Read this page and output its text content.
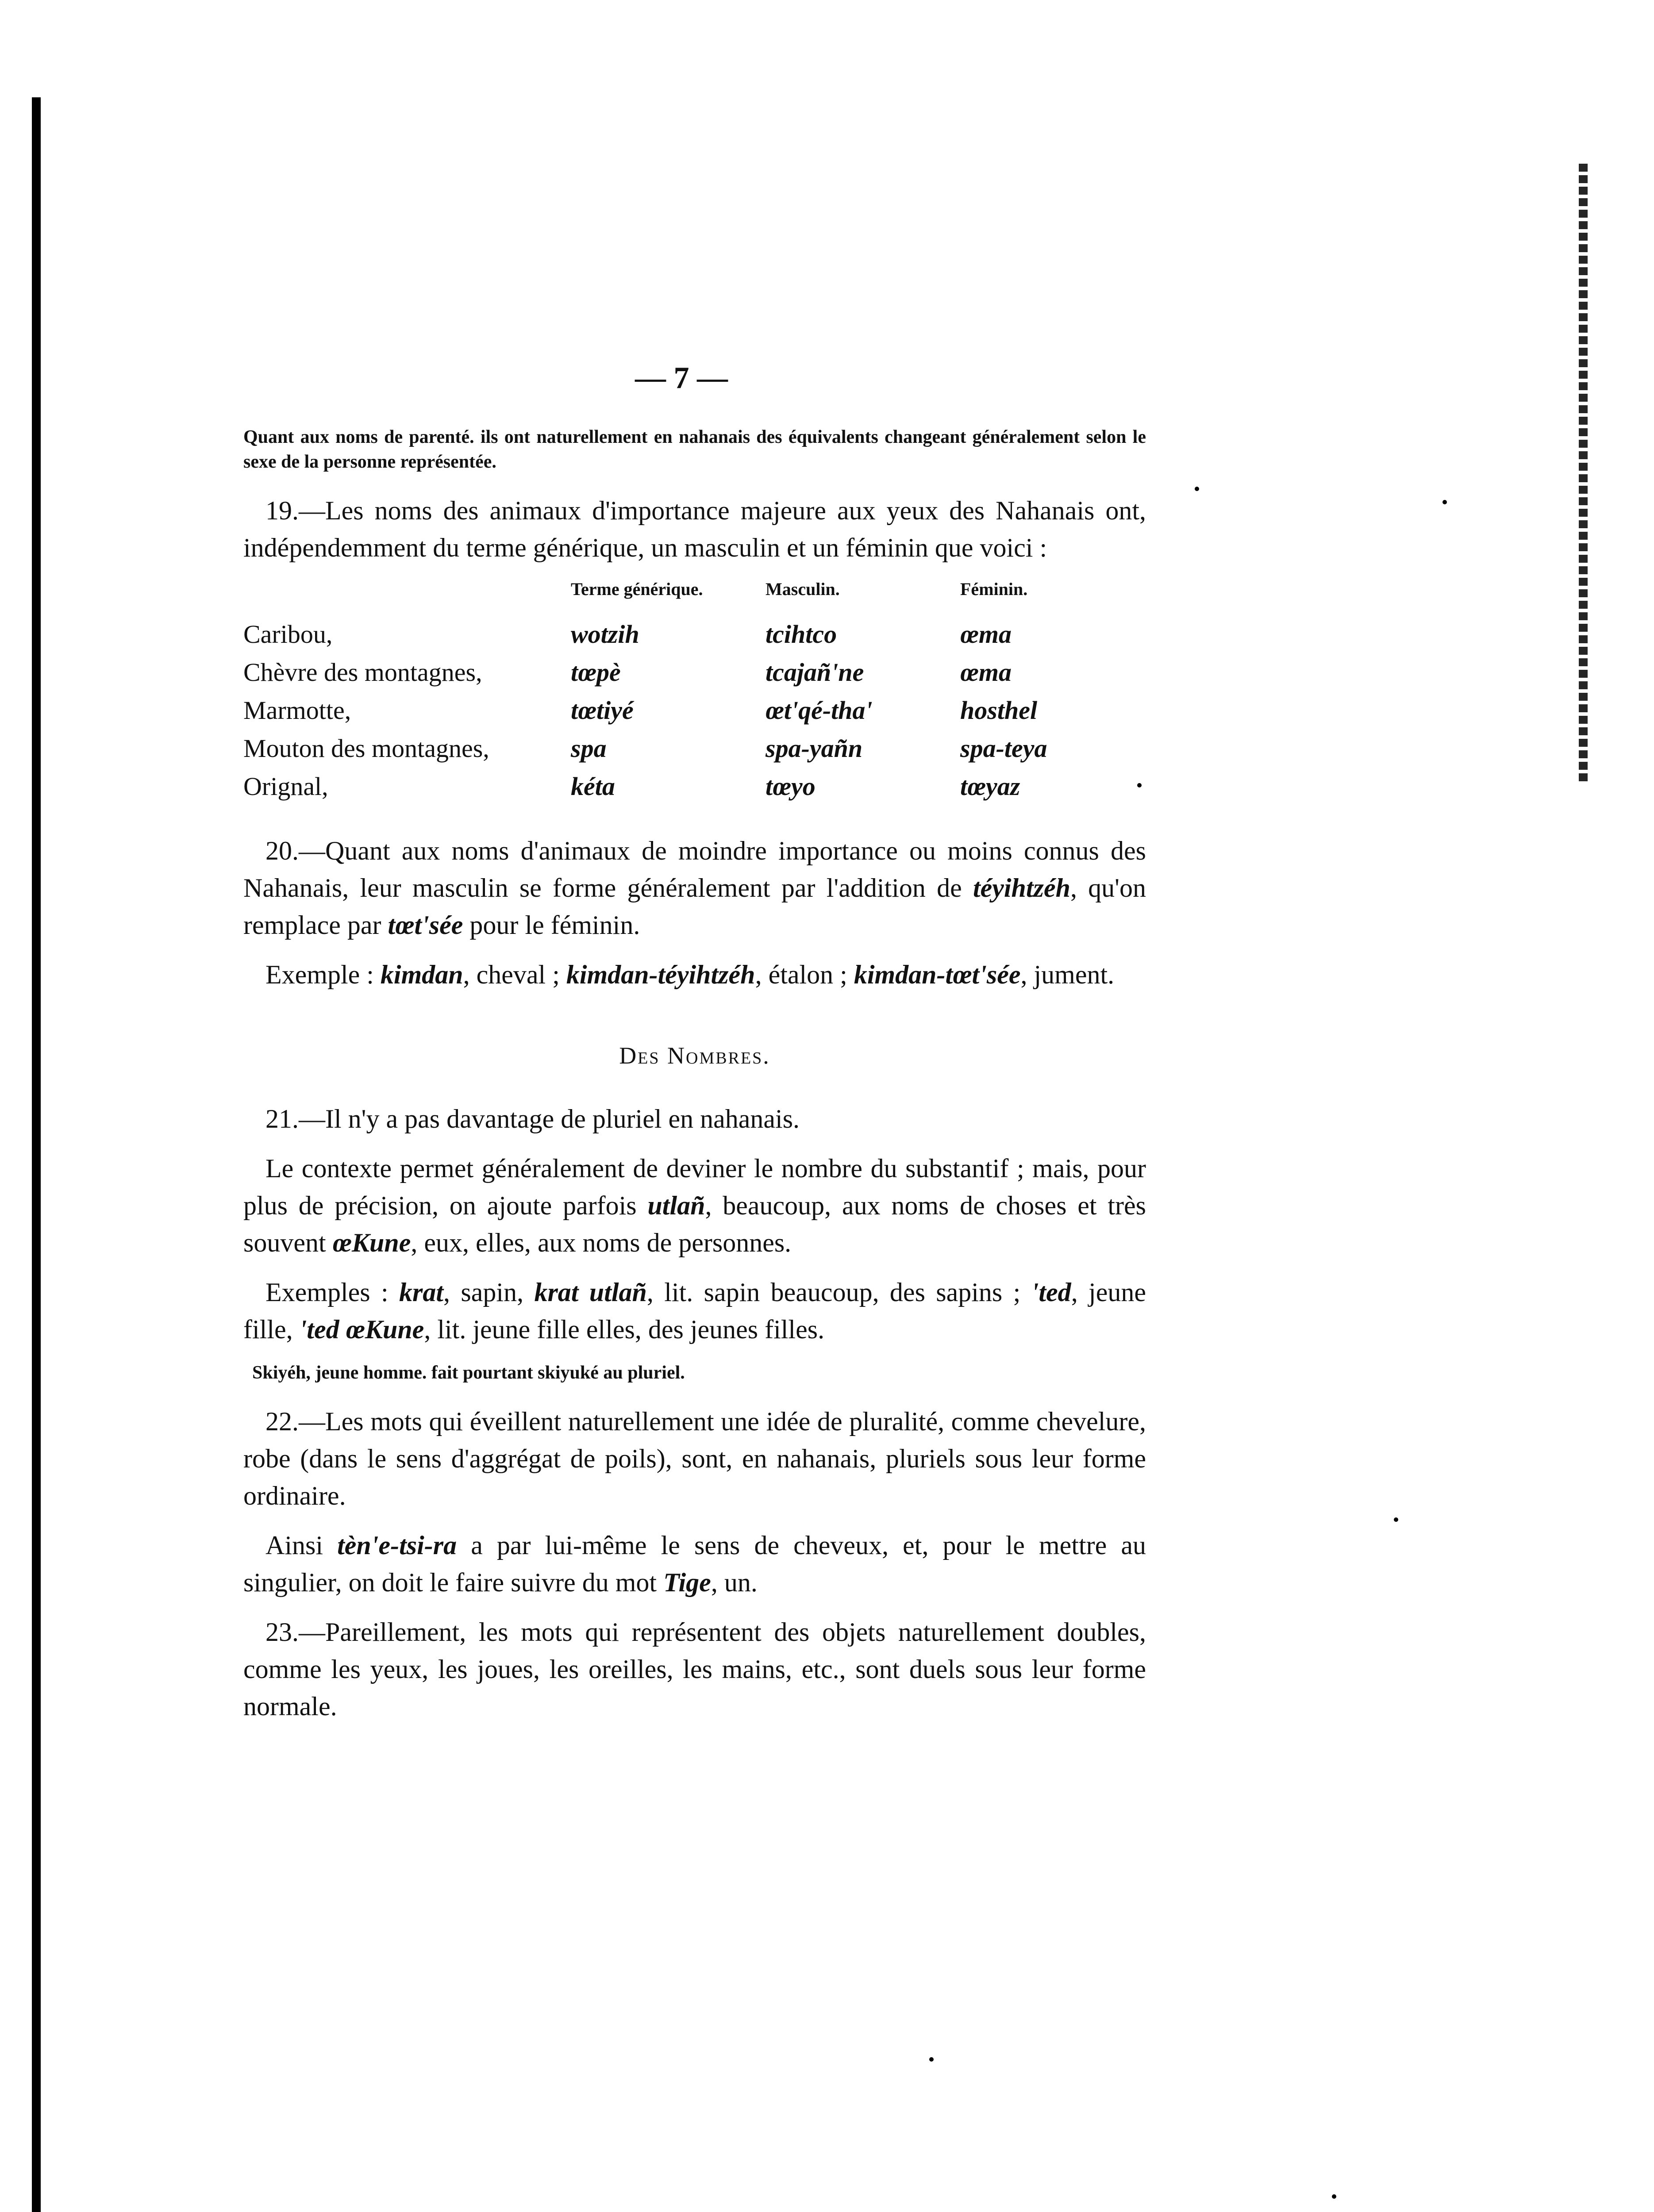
— 7 —

Quant aux noms de parenté. ils ont naturellement en nahanais des équivalents changeant généralement selon le sexe de la personne représentée.

19.—Les noms des animaux d'importance majeure aux yeux des Nahanais ont, indépendemment du terme générique, un masculin et un féminin que voici :

	Terme générique.	Masculin.	Féminin.
Caribou,	wotzih	tcihtco	œma
Chèvre des montagnes,	tœpè	tcajañ'ne	œma
Marmotte,	tœtiyé	œt'qé-tha'	hosthel
Mouton des montagnes,	spa	spa-yañn	spa-teya
Orignal,	kéta	tœyo	tœyaz

20.—Quant aux noms d'animaux de moindre importance ou moins connus des Nahanais, leur masculin se forme généralement par l'addition de téyihtzéh, qu'on remplace par tœt'sée pour le féminin.

Exemple : kimdan, cheval ; kimdan-téyihtzéh, étalon ; kimdan-tœt'sée, jument.

Des Nombres.

21.—Il n'y a pas davantage de pluriel en nahanais.

Le contexte permet généralement de deviner le nombre du substantif ; mais, pour plus de précision, on ajoute parfois utlañ, beaucoup, aux noms de choses et très souvent œKune, eux, elles, aux noms de personnes.

Exemples : krat, sapin, krat utlañ, lit. sapin beaucoup, des sapins ; 'ted, jeune fille, 'ted œKune, lit. jeune fille elles, des jeunes filles.

Skiyéh, jeune homme. fait pourtant skiyuké au pluriel.

22.—Les mots qui éveillent naturellement une idée de pluralité, comme chevelure, robe (dans le sens d'aggrégat de poils), sont, en nahanais, pluriels sous leur forme ordinaire.

Ainsi tèn'e-tsi-ra a par lui-même le sens de cheveux, et, pour le mettre au singulier, on doit le faire suivre du mot Tige, un.

23.—Pareillement, les mots qui représentent des objets naturellement doubles, comme les yeux, les joues, les oreilles, les mains, etc., sont duels sous leur forme normale.
